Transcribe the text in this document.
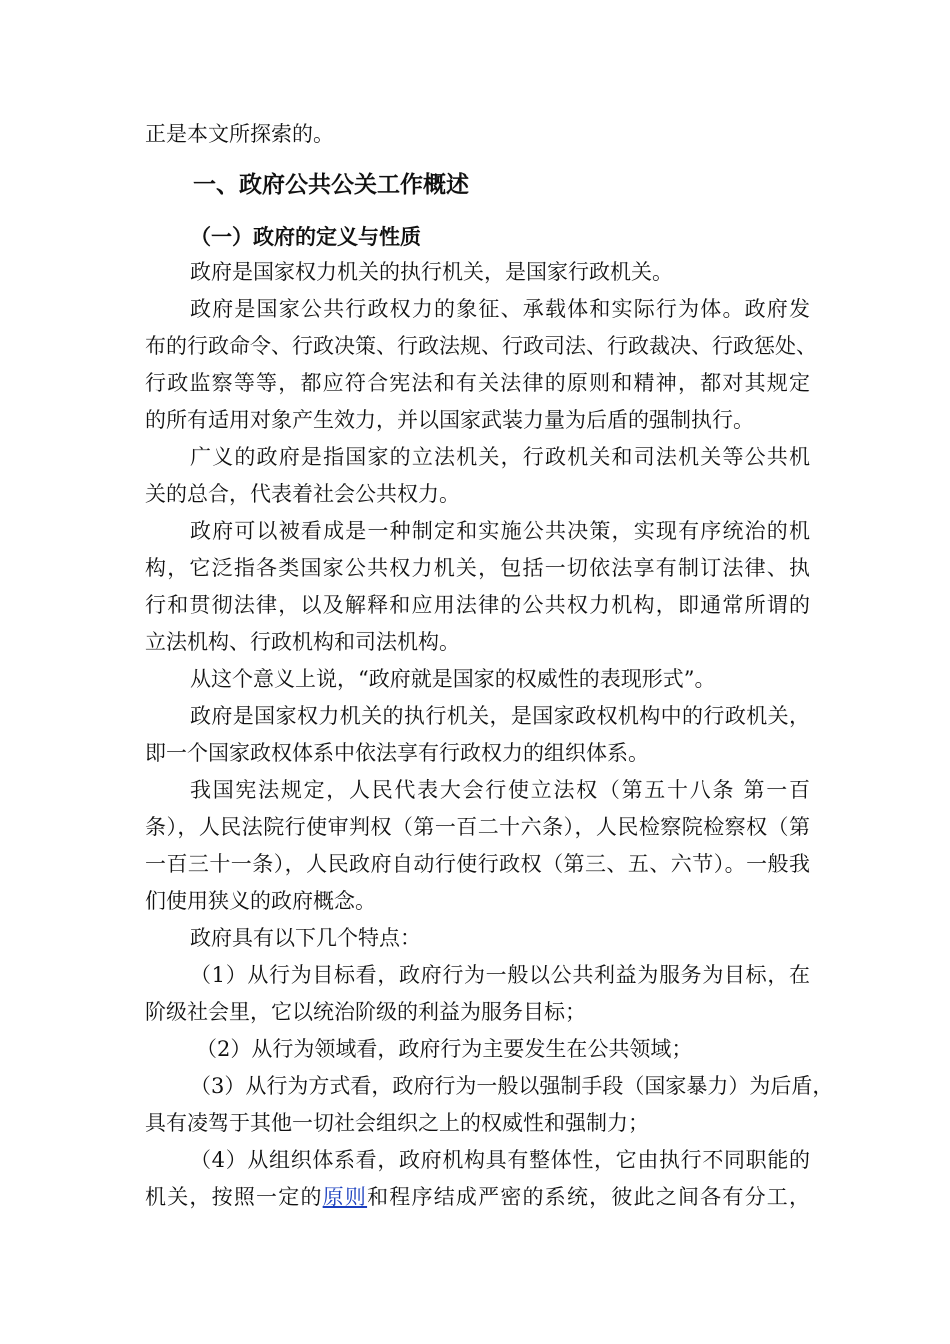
正是本文所探索的。
一、政府公共公关工作概述
（一）政府的定义与性质
政府是国家权力机关的执行机关，是国家行政机关。
政府是国家公共行政权力的象征、承载体和实际行为体。政府发
布的行政命令、行政决策、行政法规、行政司法、行政裁决、行政惩处、
行政监察等等，都应符合宪法和有关法律的原则和精神，都对其规定
的所有适用对象产生效力，并以国家武装力量为后盾的强制执行。
广义的政府是指国家的立法机关，行政机关和司法机关等公共机
关的总合，代表着社会公共权力。
政府可以被看成是一种制定和实施公共决策，实现有序统治的机
构，它泛指各类国家公共权力机关，包括一切依法享有制订法律、执
行和贯彻法律，以及解释和应用法律的公共权力机构，即通常所谓的
立法机构、行政机构和司法机构。
从这个意义上说，“政府就是国家的权威性的表现形式”。
政府是国家权力机关的执行机关，是国家政权机构中的行政机关，
即一个国家政权体系中依法享有行政权力的组织体系。
我国宪法规定，人民代表大会行使立法权（第五十八条 第一百
条），人民法院行使审判权（第一百二十六条），人民检察院检察权（第
一百三十一条），人民政府自动行使行政权（第三、五、六节）。一般我
们使用狭义的政府概念。
政府具有以下几个特点：
（1）从行为目标看，政府行为一般以公共利益为服务为目标，在
阶级社会里，它以统治阶级的利益为服务目标；
（2）从行为领域看，政府行为主要发生在公共领域；
（3）从行为方式看，政府行为一般以强制手段（国家暴力）为后盾，
具有凌驾于其他一切社会组织之上的权威性和强制力；
（4）从组织体系看，政府机构具有整体性，它由执行不同职能的
机关，按照一定的原则和程序结成严密的系统，彼此之间各有分工，
